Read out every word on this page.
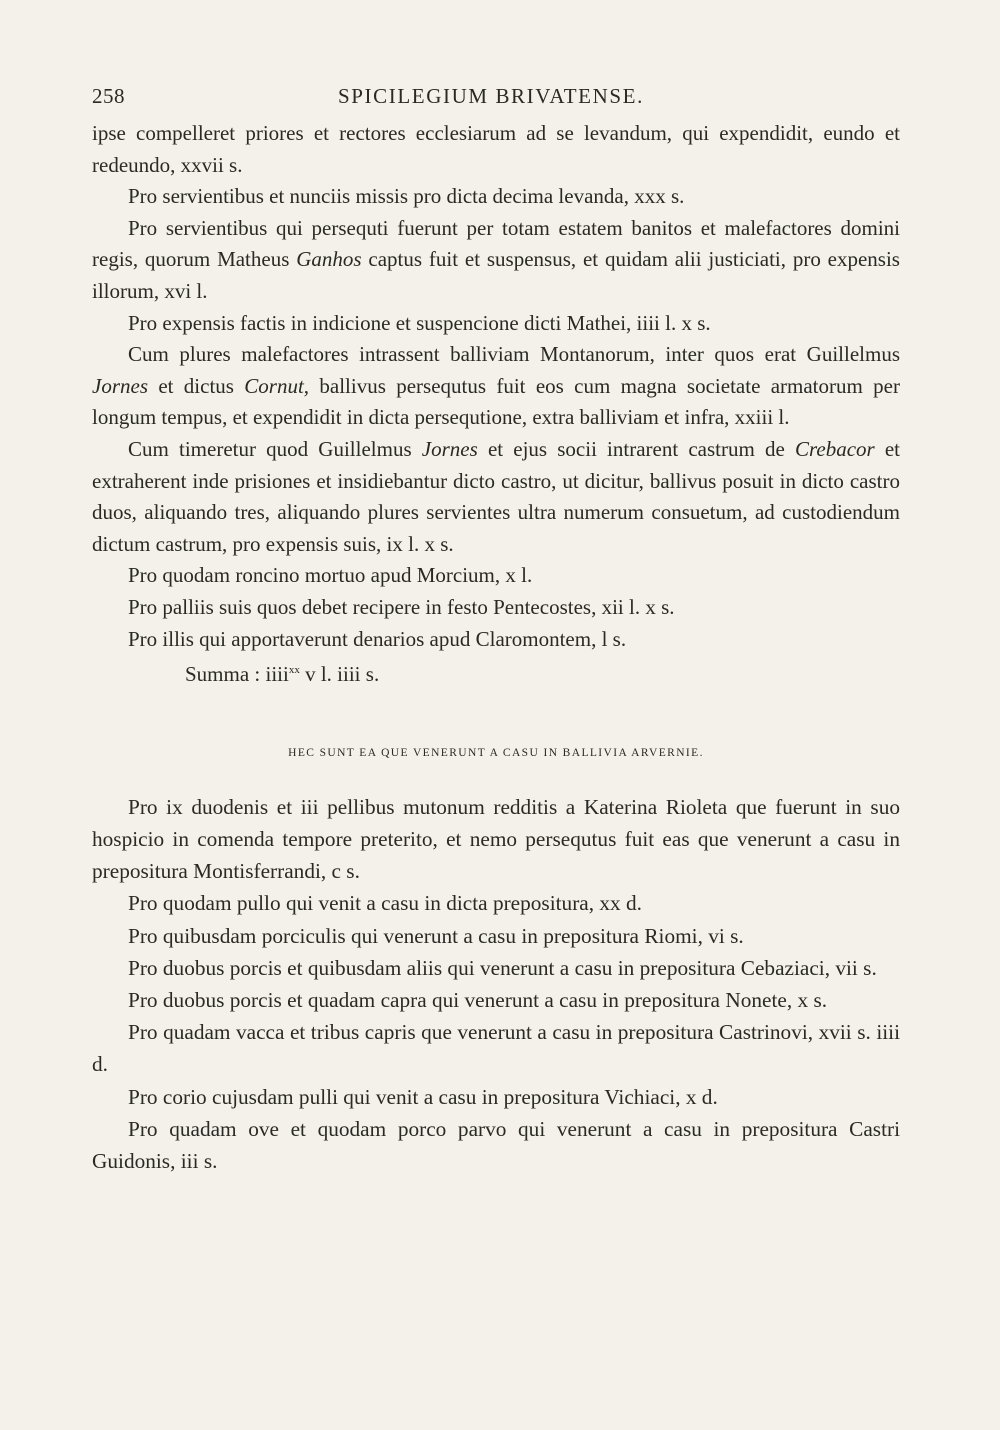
258	SPICILEGIUM BRIVATENSE.

ipse compelleret priores et rectores ecclesiarum ad se levandum, qui expendidit, eundo et redeundo, xxvii s.

Pro servientibus et nunciis missis pro dicta decima levanda, xxx s.

Pro servientibus qui persequti fuerunt per totam estatem banitos et malefactores domini regis, quorum Matheus Ganhos captus fuit et suspensus, et quidam alii justiciati, pro expensis illorum, xvi l.

Pro expensis factis in indicione et suspencione dicti Mathei, iiii l. x s.

Cum plures malefactores intrassent balliviam Montanorum, inter quos erat Guillelmus Jornes et dictus Cornut, ballivus persequtus fuit eos cum magna societate armatorum per longum tempus, et expendidit in dicta persequtione, extra balliviam et infra, xxiii l.

Cum timeretur quod Guillelmus Jornes et ejus socii intrarent castrum de Crebacor et extraherent inde prisiones et insidiebantur dicto castro, ut dicitur, ballivus posuit in dicto castro duos, aliquando tres, aliquando plures servientes ultra numerum consuetum, ad custodiendum dictum castrum, pro expensis suis, ix l. x s.

Pro quodam roncino mortuo apud Morcium, x l.

Pro palliis suis quos debet recipere in festo Pentecostes, xii l. x s.

Pro illis qui apportaverunt denarios apud Claromontem, l s.

Summa : iiii$^{xx}$ v l. iiii s.

HEC SUNT EA QUE VENERUNT A CASU IN BALLIVIA ARVERNIE.

Pro ix duodenis et iii pellibus mutonum redditis a Katerina Rioleta que fuerunt in suo hospicio in comenda tempore preterito, et nemo persequtus fuit eas que venerunt a casu in prepositura Montisferrandi, c s.

Pro quodam pullo qui venit a casu in dicta prepositura, xx d.

Pro quibusdam porciculis qui venerunt a casu in prepositura Riomi, vi s.

Pro duobus porcis et quibusdam aliis qui venerunt a casu in prepositura Cebaziaci, vii s.

Pro duobus porcis et quadam capra qui venerunt a casu in prepositura Nonete, x s.

Pro quadam vacca et tribus capris que venerunt a casu in prepositura Castrinovi, xvii s. iiii d.

Pro corio cujusdam pulli qui venit a casu in prepositura Vichiaci, x d.

Pro quadam ove et quodam porco parvo qui venerunt a casu in prepositura Castri Guidonis, iii s.
